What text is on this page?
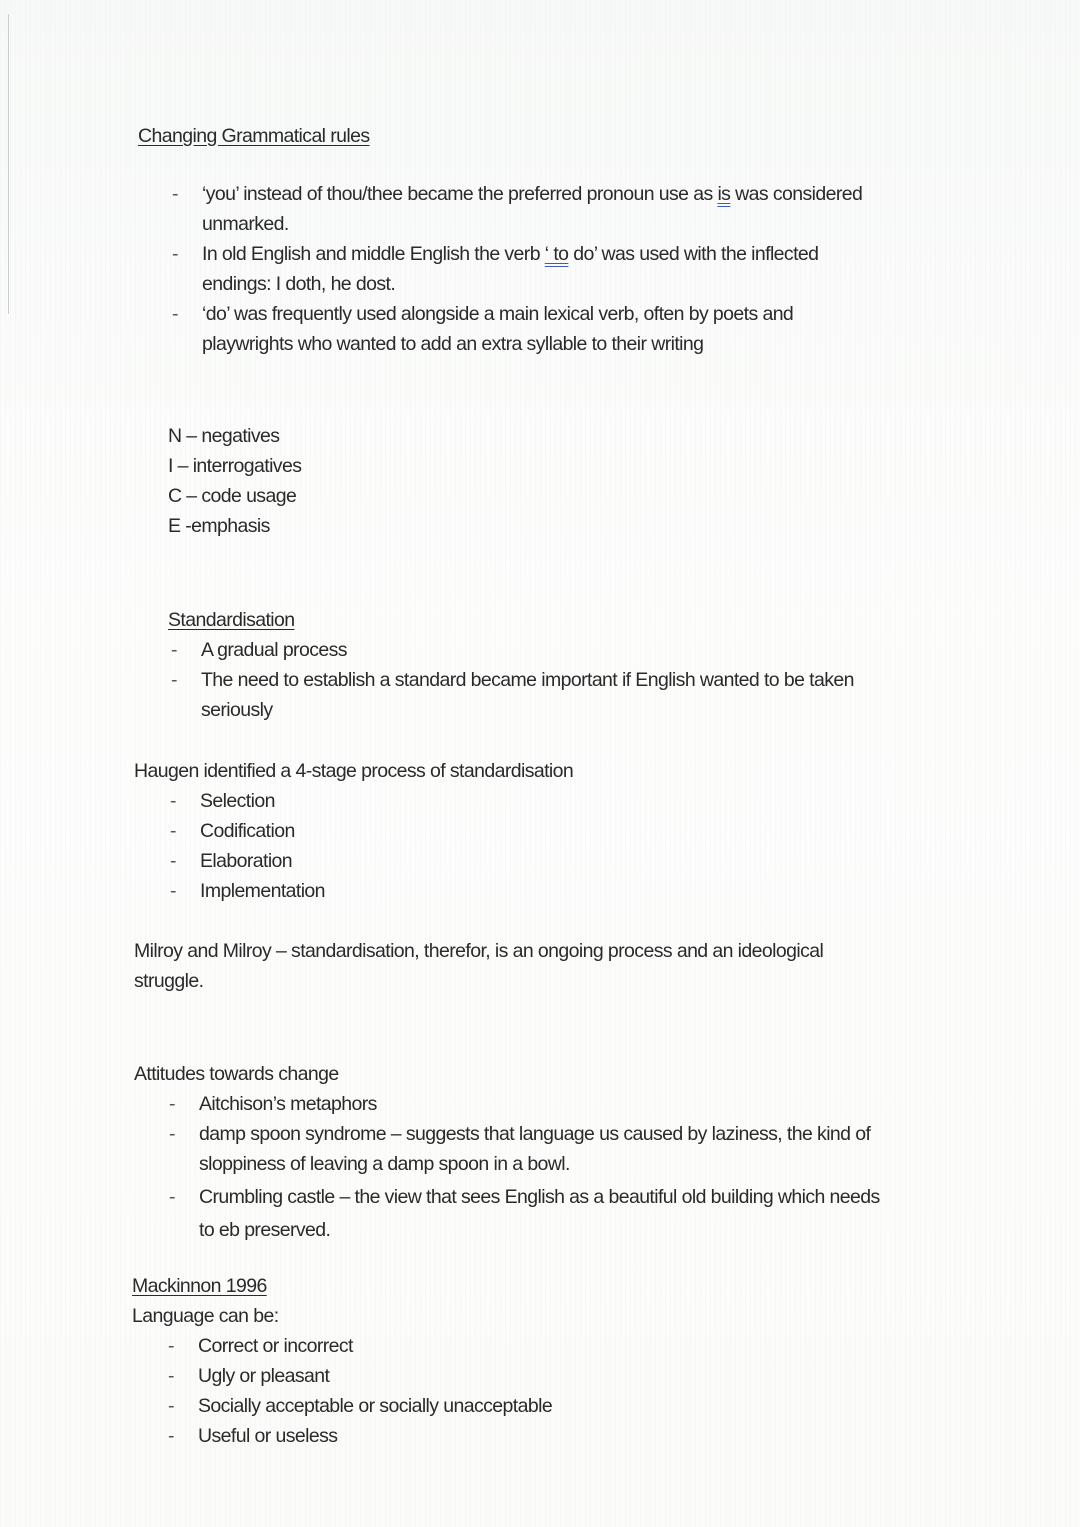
Changing Grammatical rules
- ‘you’ instead of thou/thee became the preferred pronoun use as is was considered
unmarked.
- In old English and middle English the verb ‘ to do’ was used with the inflected
endings: I doth, he dost.
- ‘do’ was frequently used alongside a main lexical verb, often by poets and
playwrights who wanted to add an extra syllable to their writing
N – negatives
I – interrogatives
C – code usage
E -emphasis
Standardisation
- A gradual process
- The need to establish a standard became important if English wanted to be taken
seriously
Haugen identified a 4-stage process of standardisation
- Selection
- Codification
- Elaboration
- Implementation
Milroy and Milroy – standardisation, therefor, is an ongoing process and an ideological
struggle.
Attitudes towards change
- Aitchison’s metaphors
- damp spoon syndrome – suggests that language us caused by laziness, the kind of
sloppiness of leaving a damp spoon in a bowl.
- Crumbling castle – the view that sees English as a beautiful old building which needs
to eb preserved.
Mackinnon 1996
Language can be:
- Correct or incorrect
- Ugly or pleasant
- Socially acceptable or socially unacceptable
- Useful or useless
